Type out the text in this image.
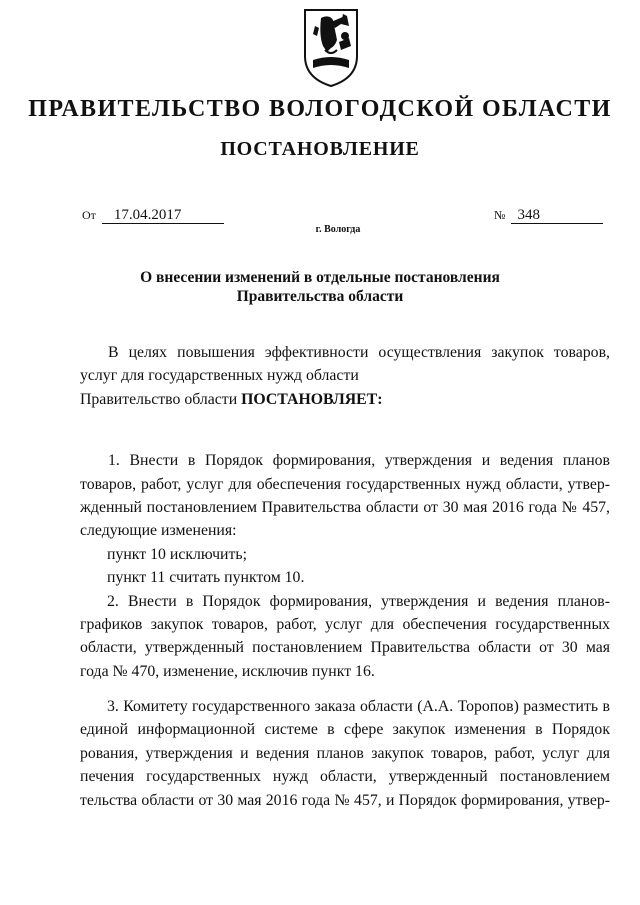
ПРАВИТЕЛЬСТВО ВОЛОГОДСКОЙ ОБЛАСТИ
ПОСТАНОВЛЕНИЕ
От 17.04.2017	№ 348
г. Вологда
О внесении изменений в отдельные постановления
Правительства области
В целях повышения эффективности осуществления закупок товаров,
услуг для государственных нужд области
Правительство области ПОСТАНОВЛЯЕТ:
1. Внести в Порядок формирования, утверждения и ведения планов
товаров, работ, услуг для обеспечения государственных нужд области, утвер-
жденный постановлением Правительства области от 30 мая 2016 года № 457,
следующие изменения:
пункт 10 исключить;
пункт 11 считать пунктом 10.
2. Внести в Порядок формирования, утверждения и ведения планов-
графиков закупок товаров, работ, услуг для обеспечения государственных
области, утвержденный постановлением Правительства области от 30 мая
года № 470, изменение, исключив пункт 16.
3. Комитету государственного заказа области (А.А. Торопов) разместить в
единой информационной системе в сфере закупок изменения в Порядок
рования, утверждения и ведения планов закупок товаров, работ, услуг для
печения государственных нужд области, утвержденный постановлением
тельства области от 30 мая 2016 года № 457, и Порядок формирования, утвер-
